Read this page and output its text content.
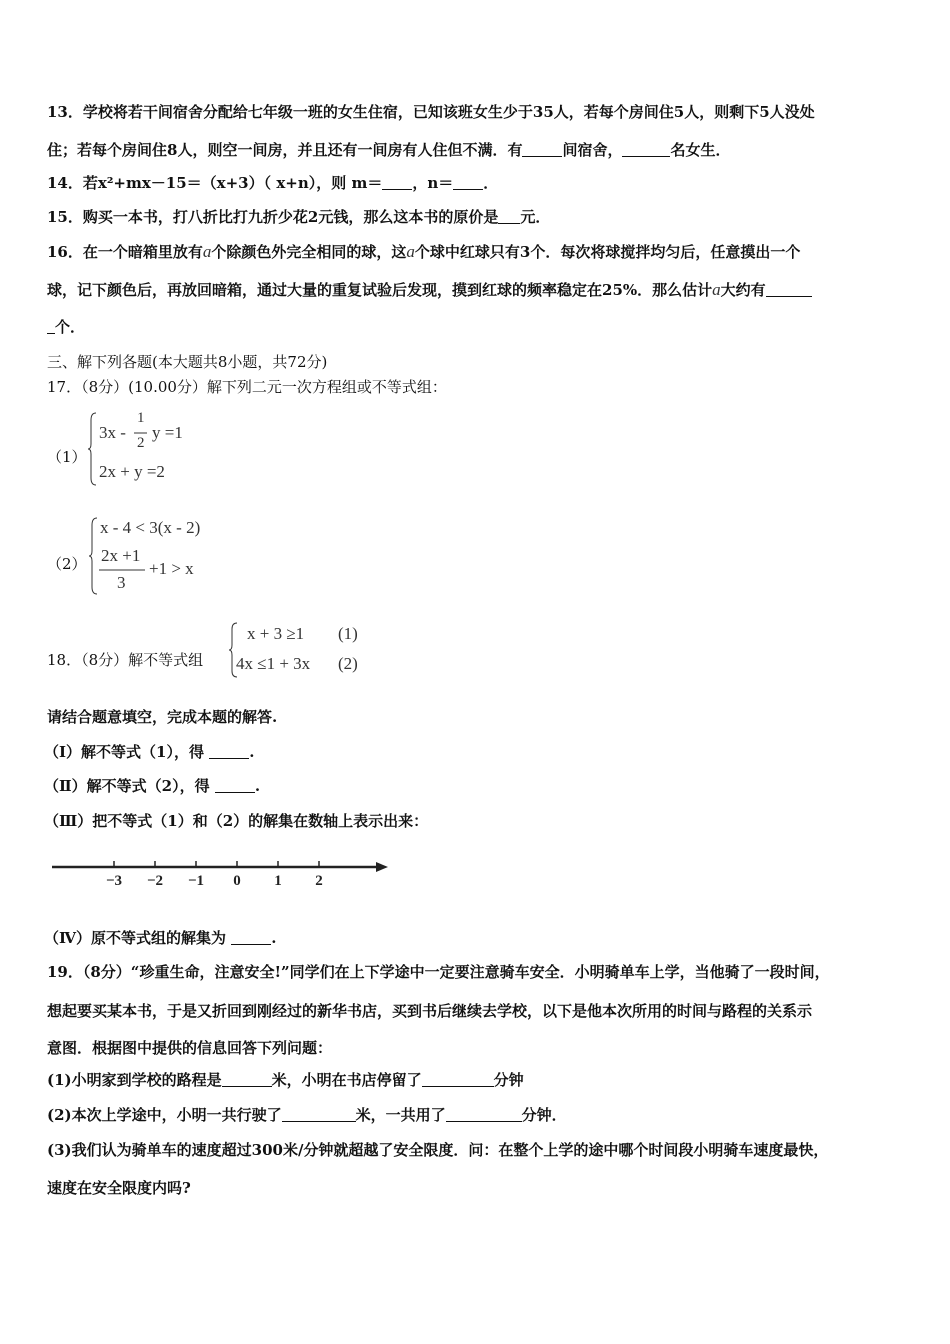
13．学校将若干间宿舍分配给七年级一班的女生住宿，已知该班女生少于35人，若每个房间住5人，则剩下5人没处
住；若每个房间住8人，则空一间房，并且还有一间房有人住但不满．有	间宿舍，	名女生．
14．若x²+mx－15＝（x+3）（ x+n），则 m＝ ，n＝ ．
15．购买一本书，打八折比打九折少花2元钱，那么这本书的原价是 元．
16．在一个暗箱里放有a个除颜色外完全相同的球，这a个球中红球只有3个．每次将球搅拌均匀后，任意摸出一个
球，记下颜色后，再放回暗箱，通过大量的重复试验后发现，摸到红球的频率稳定在25%．那么估计a大约有
个．
三、解下列各题(本大题共8小题，共72分)
17．（8分）(10.00分）解下列二元一次方程组或不等式组：
（1）
3x -
1
2
y =1
2x + y =2
（2）
x - 4 < 3(x - 2)
2x +1
3
+1 > x
18．（8分）解不等式组
x + 3 ≥1 (1)
4x ≤1 + 3x (2)
请结合题意填空，完成本题的解答.
（Ⅰ）解不等式（1），得	.
（Ⅱ）解不等式（2），得	.
（Ⅲ）把不等式（1）和（2）的解集在数轴上表示出来：
−3 −2 −1 0 1 2
（Ⅳ）原不等式组的解集为	.
19．（8分）“珍重生命，注意安全!”同学们在上下学途中一定要注意骑车安全．小明骑单车上学，当他骑了一段时间，
想起要买某本书，于是又折回到刚经过的新华书店，买到书后继续去学校，以下是他本次所用的时间与路程的关系示
意图．根据图中提供的信息回答下列问题：
(1)小明家到学校的路程是	米，小明在书店停留了	分钟
(2)本次上学途中，小明一共行驶了	米，一共用了	分钟．
(3)我们认为骑单车的速度超过300米/分钟就超越了安全限度．问：在整个上学的途中哪个时间段小明骑车速度最快，
速度在安全限度内吗?
